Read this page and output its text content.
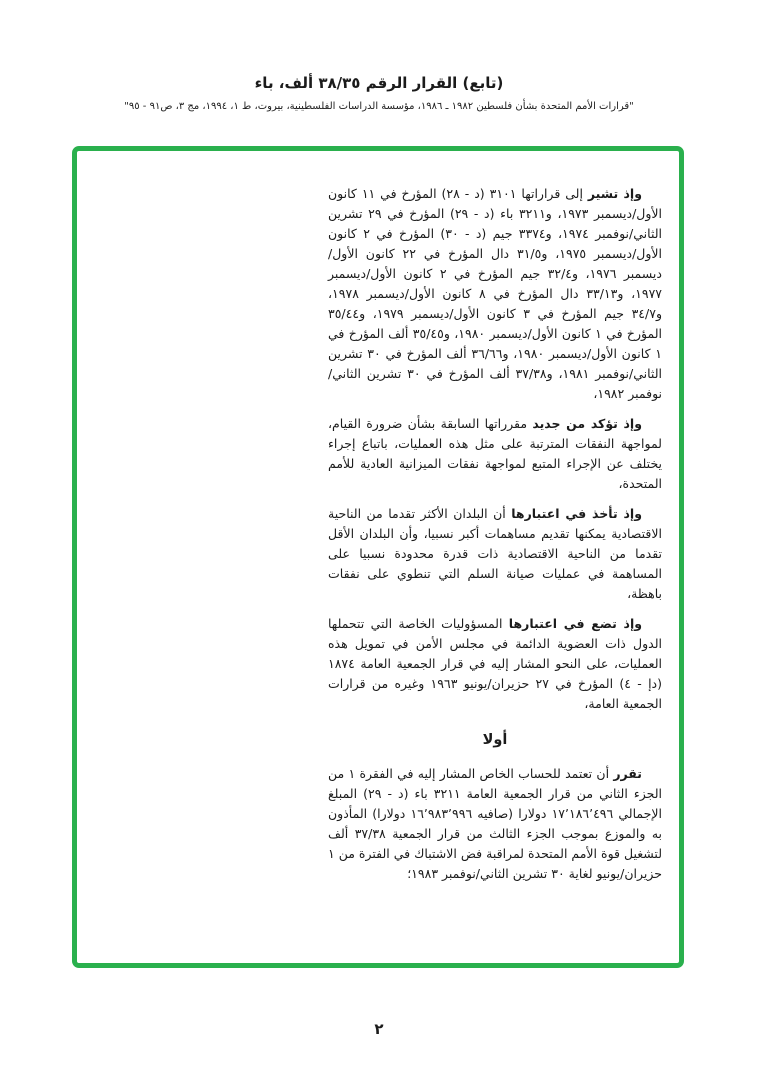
(تابع) القرار الرقم ٣٨/٣٥ ألف، باء
"قرارات الأمم المتحدة بشأن فلسطين ١٩٨٢ ـ ١٩٨٦، مؤسسة الدراسات الفلسطينية، بيروت، ط ١، ١٩٩٤، مج ٣، ص٩١ - ٩٥"

وإذ تشير إلى قراراتها ٣١٠١ (د - ٢٨) المؤرخ في ١١ كانون الأول/ديسمبر ١٩٧٣، و٣٢١١ باء (د - ٢٩) المؤرخ في ٢٩ تشرين الثاني/نوفمبر ١٩٧٤، و٣٣٧٤ جيم (د - ٣٠) المؤرخ في ٢ كانون الأول/ديسمبر ١٩٧٥، و٣١/٥ دال المؤرخ في ٢٢ كانون الأول/ديسمبر ١٩٧٦، و٣٢/٤ جيم المؤرخ في ٢ كانون الأول/ديسمبر ١٩٧٧، و٣٣/١٣ دال المؤرخ في ٨ كانون الأول/ديسمبر ١٩٧٨، و٣٤/٧ جيم المؤرخ في ٣ كانون الأول/ديسمبر ١٩٧٩، و٣٥/٤٤ المؤرخ في ١ كانون الأول/ديسمبر ١٩٨٠، و٣٥/٤٥ ألف المؤرخ في ١ كانون الأول/ديسمبر ١٩٨٠، و٣٦/٦٦ ألف المؤرخ في ٣٠ تشرين الثاني/نوفمبر ١٩٨١، و٣٧/٣٨ ألف المؤرخ في ٣٠ تشرين الثاني/نوفمبر ١٩٨٢،

وإذ تؤكد من جديد مقرراتها السابقة بشأن ضرورة القيام، لمواجهة النفقات المترتبة على مثل هذه العمليات، باتباع إجراء يختلف عن الإجراء المتبع لمواجهة نفقات الميزانية العادية للأمم المتحدة،

وإذ تأخذ في اعتبارها أن البلدان الأكثر تقدما من الناحية الاقتصادية يمكنها تقديم مساهمات أكبر نسبيا، وأن البلدان الأقل تقدما من الناحية الاقتصادية ذات قدرة محدودة نسبيا على المساهمة في عمليات صيانة السلم التي تنطوي على نفقات باهظة،

وإذ تضع في اعتبارها المسؤوليات الخاصة التي تتحملها الدول ذات العضوية الدائمة في مجلس الأمن في تمويل هذه العمليات، على النحو المشار إليه في قرار الجمعية العامة ١٨٧٤ (دإ - ٤) المؤرخ في ٢٧ حزيران/يونيو ١٩٦٣ وغيره من قرارات الجمعية العامة،

أولا

تقرر أن تعتمد للحساب الخاص المشار إليه في الفقرة ١ من الجزء الثاني من قرار الجمعية العامة ٣٢١١ باء (د - ٢٩) المبلغ الإجمالي ١٧٬١٨٦٬٤٩٦ دولارا (صافيه ١٦٬٩٨٣٬٩٩٦ دولارا) المأذون به والموزع بموجب الجزء الثالث من قرار الجمعية ٣٧/٣٨ ألف لتشغيل قوة الأمم المتحدة لمراقبة فض الاشتباك في الفترة من ١ حزيران/يونيو لغاية ٣٠ تشرين الثاني/نوفمبر ١٩٨٣؛

٢
